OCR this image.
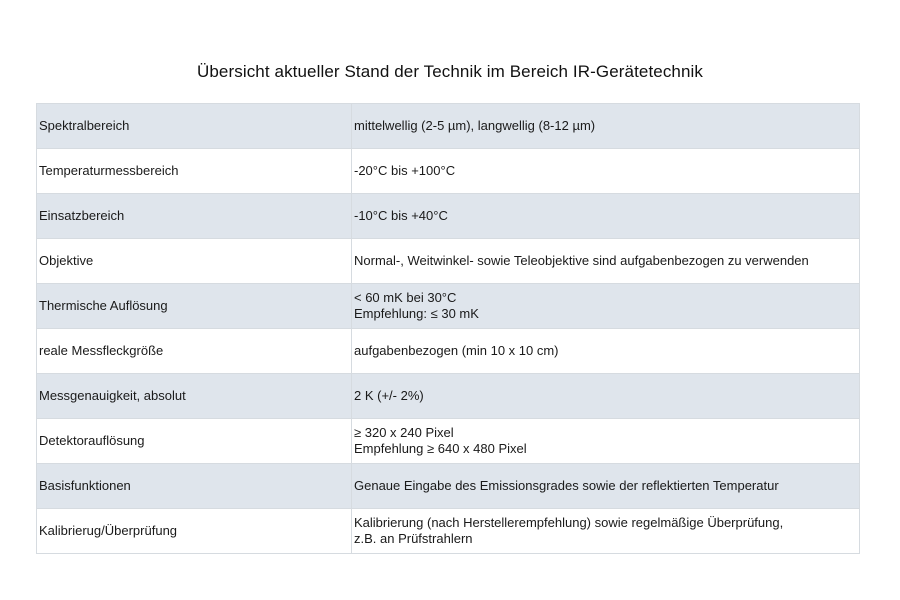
Übersicht aktueller Stand der Technik im Bereich IR-Gerätetechnik
Spektralbereich	mittelwellig (2-5 µm), langwellig (8-12 µm)

Temperaturmessbereich	-20°C bis +100°C

Einsatzbereich	-10°C bis +40°C

Objektive	Normal-, Weitwinkel- sowie Teleobjektive sind aufgabenbezogen zu verwenden

Thermische Auflösung	< 60 mK bei 30°C
Empfehlung: ≤ 30 mK

reale Messfleckgröße	aufgabenbezogen (min 10 x 10 cm)

Messgenauigkeit, absolut	2 K (+/- 2%)

Detektorauflösung	≥ 320 x 240 Pixel
Empfehlung ≥ 640 x 480 Pixel

Basisfunktionen	Genaue Eingabe des Emissionsgrades sowie der reflektierten Temperatur

Kalibrierug/Überprüfung	Kalibrierung (nach Herstellerempfehlung) sowie regelmäßige Überprüfung,
z.B. an Prüfstrahlern
